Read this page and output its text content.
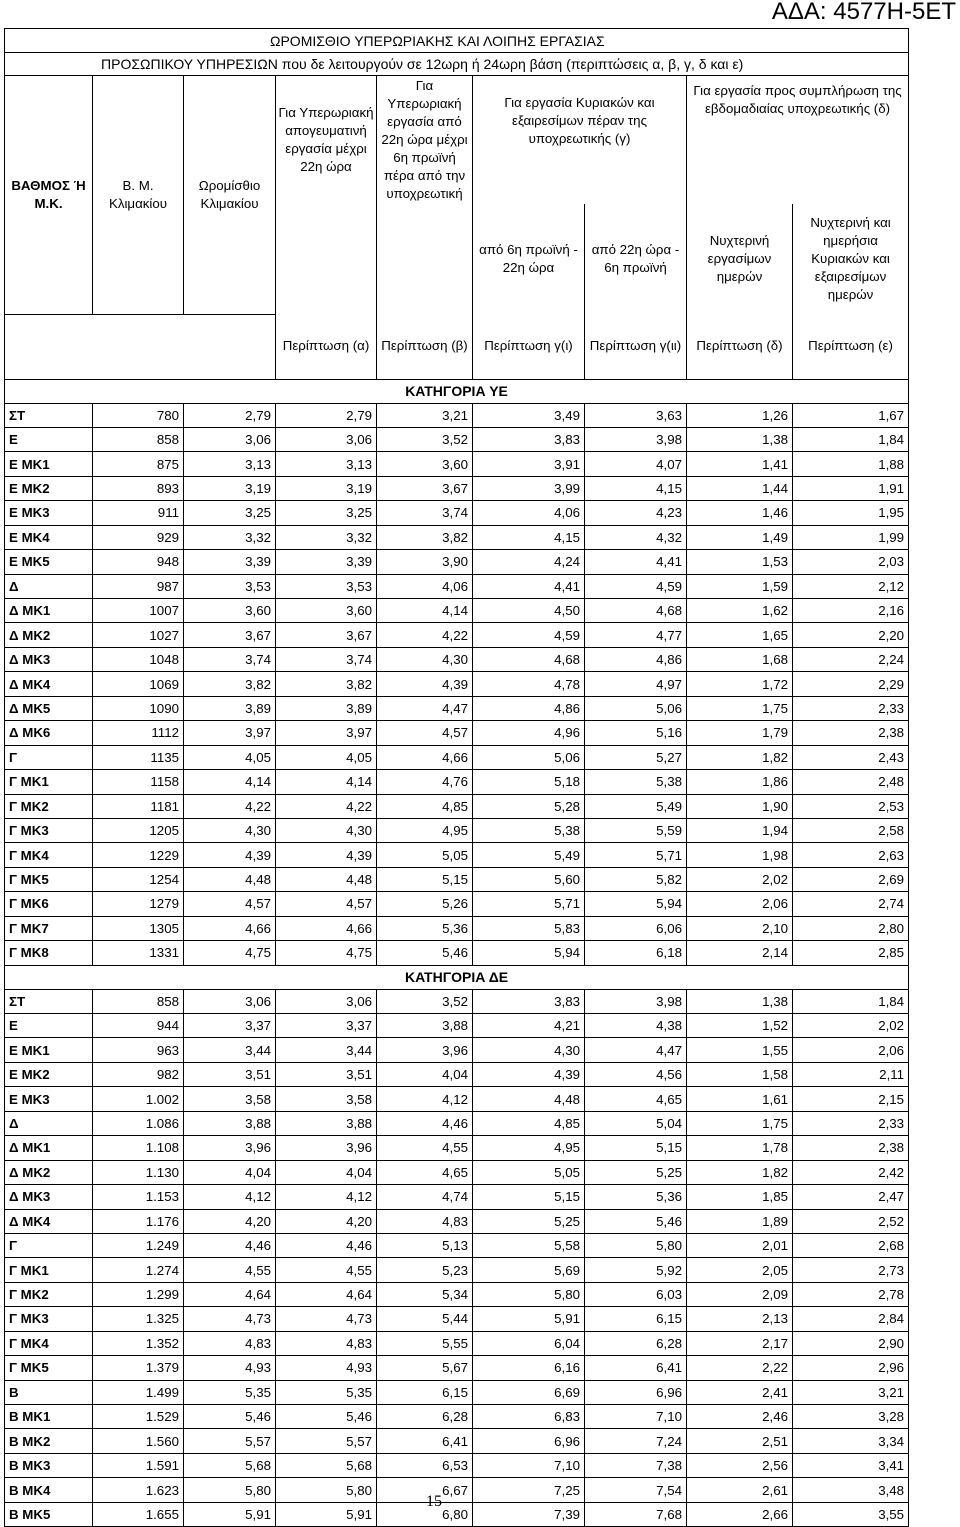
ΑΔΑ: 4577Η-5ΕΤ
ΩΡΟΜΙΣΘΙΟ ΥΠΕΡΩΡΙΑΚΗΣ ΚΑΙ ΛΟΙΠΗΣ ΕΡΓΑΣΙΑΣ								
ΠΡΟΣΩΠΙΚΟΥ ΥΠΗΡΕΣΙΩΝ που δε λειτουργούν σε 12ωρη ή 24ωρη βάση (περιπτώσεις α, β, γ, δ και ε)								
ΒΑΘΜΟΣ Ή Μ.Κ.	Β. Μ. Κλιμακίου	Ωρομίσθιο Κλιμακίου	Για Υπερωριακή απογευματινή εργασία μέχρι 22η ώρα	Για Υπερωριακή εργασία από 22η ώρα μέχρι 6η πρωϊνή πέρα από την υποχρεωτική	Για εργασία Κυριακών και εξαιρεσίμων πέραν της υποχρεωτικής (γ)		Για εργασία προς συμπλήρωση της εβδομαδιαίας υποχρεωτικής (δ)	
					από 6η πρωϊνή - 22η ώρα	από 22η ώρα - 6η πρωϊνή	Νυχτερινή εργασίμων ημερών	Νυχτερινή και ημερήσια Κυριακών και εξαιρεσίμων ημερών
			Περίπτωση (α)	Περίπτωση (β)	Περίπτωση γ(ι)	Περίπτωση γ(ιι)	Περίπτωση (δ)	Περίπτωση (ε)
ΚΑΤΗΓΟΡΙΑ ΥΕ								
ΣΤ	780	2,79	2,79	3,21	3,49	3,63	1,26	1,67
Ε	858	3,06	3,06	3,52	3,83	3,98	1,38	1,84
Ε ΜΚ1	875	3,13	3,13	3,60	3,91	4,07	1,41	1,88
Ε ΜΚ2	893	3,19	3,19	3,67	3,99	4,15	1,44	1,91
Ε ΜΚ3	911	3,25	3,25	3,74	4,06	4,23	1,46	1,95
Ε ΜΚ4	929	3,32	3,32	3,82	4,15	4,32	1,49	1,99
Ε ΜΚ5	948	3,39	3,39	3,90	4,24	4,41	1,53	2,03
Δ	987	3,53	3,53	4,06	4,41	4,59	1,59	2,12
Δ ΜΚ1	1007	3,60	3,60	4,14	4,50	4,68	1,62	2,16
Δ ΜΚ2	1027	3,67	3,67	4,22	4,59	4,77	1,65	2,20
Δ ΜΚ3	1048	3,74	3,74	4,30	4,68	4,86	1,68	2,24
Δ ΜΚ4	1069	3,82	3,82	4,39	4,78	4,97	1,72	2,29
Δ ΜΚ5	1090	3,89	3,89	4,47	4,86	5,06	1,75	2,33
Δ ΜΚ6	1112	3,97	3,97	4,57	4,96	5,16	1,79	2,38
Γ	1135	4,05	4,05	4,66	5,06	5,27	1,82	2,43
Γ ΜΚ1	1158	4,14	4,14	4,76	5,18	5,38	1,86	2,48
Γ ΜΚ2	1181	4,22	4,22	4,85	5,28	5,49	1,90	2,53
Γ ΜΚ3	1205	4,30	4,30	4,95	5,38	5,59	1,94	2,58
Γ ΜΚ4	1229	4,39	4,39	5,05	5,49	5,71	1,98	2,63
Γ ΜΚ5	1254	4,48	4,48	5,15	5,60	5,82	2,02	2,69
Γ ΜΚ6	1279	4,57	4,57	5,26	5,71	5,94	2,06	2,74
Γ ΜΚ7	1305	4,66	4,66	5,36	5,83	6,06	2,10	2,80
Γ ΜΚ8	1331	4,75	4,75	5,46	5,94	6,18	2,14	2,85
ΚΑΤΗΓΟΡΙΑ ΔΕ								
ΣΤ	858	3,06	3,06	3,52	3,83	3,98	1,38	1,84
Ε	944	3,37	3,37	3,88	4,21	4,38	1,52	2,02
Ε ΜΚ1	963	3,44	3,44	3,96	4,30	4,47	1,55	2,06
Ε ΜΚ2	982	3,51	3,51	4,04	4,39	4,56	1,58	2,11
Ε ΜΚ3	1.002	3,58	3,58	4,12	4,48	4,65	1,61	2,15
Δ	1.086	3,88	3,88	4,46	4,85	5,04	1,75	2,33
Δ ΜΚ1	1.108	3,96	3,96	4,55	4,95	5,15	1,78	2,38
Δ ΜΚ2	1.130	4,04	4,04	4,65	5,05	5,25	1,82	2,42
Δ ΜΚ3	1.153	4,12	4,12	4,74	5,15	5,36	1,85	2,47
Δ ΜΚ4	1.176	4,20	4,20	4,83	5,25	5,46	1,89	2,52
Γ	1.249	4,46	4,46	5,13	5,58	5,80	2,01	2,68
Γ ΜΚ1	1.274	4,55	4,55	5,23	5,69	5,92	2,05	2,73
Γ ΜΚ2	1.299	4,64	4,64	5,34	5,80	6,03	2,09	2,78
Γ ΜΚ3	1.325	4,73	4,73	5,44	5,91	6,15	2,13	2,84
Γ ΜΚ4	1.352	4,83	4,83	5,55	6,04	6,28	2,17	2,90
Γ ΜΚ5	1.379	4,93	4,93	5,67	6,16	6,41	2,22	2,96
Β	1.499	5,35	5,35	6,15	6,69	6,96	2,41	3,21
Β ΜΚ1	1.529	5,46	5,46	6,28	6,83	7,10	2,46	3,28
Β ΜΚ2	1.560	5,57	5,57	6,41	6,96	7,24	2,51	3,34
Β ΜΚ3	1.591	5,68	5,68	6,53	7,10	7,38	2,56	3,41
Β ΜΚ4	1.623	5,80	5,80	6,67	7,25	7,54	2,61	3,48
Β ΜΚ5	1.655	5,91	5,91	6,80	7,39	7,68	2,66	3,55
15
